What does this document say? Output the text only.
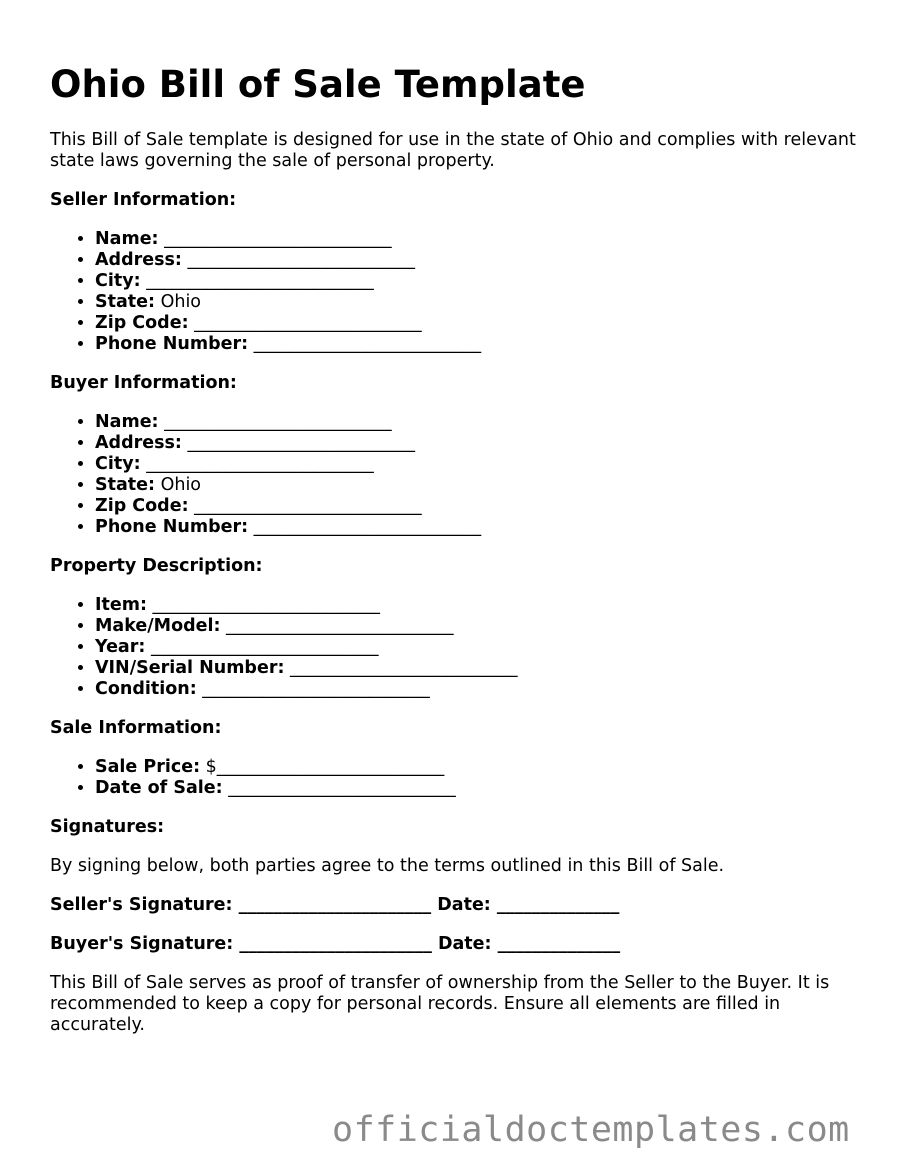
Ohio Bill of Sale Template

This Bill of Sale template is designed for use in the state of Ohio and complies with relevant state laws governing the sale of personal property.

Seller Information:

• Name: __________________________
• Address: __________________________
• City: __________________________
• State: Ohio
• Zip Code: __________________________
• Phone Number: __________________________

Buyer Information:

• Name: __________________________
• Address: __________________________
• City: __________________________
• State: Ohio
• Zip Code: __________________________
• Phone Number: __________________________

Property Description:

• Item: __________________________
• Make/Model: __________________________
• Year: __________________________
• VIN/Serial Number: __________________________
• Condition: __________________________

Sale Information:

• Sale Price: $__________________________
• Date of Sale: __________________________

Signatures:

By signing below, both parties agree to the terms outlined in this Bill of Sale.

Seller's Signature: ______________________ Date: ______________

Buyer's Signature: ______________________ Date: ______________

This Bill of Sale serves as proof of transfer of ownership from the Seller to the Buyer. It is recommended to keep a copy for personal records. Ensure all elements are filled in accurately.

officialdoctemplates.com
